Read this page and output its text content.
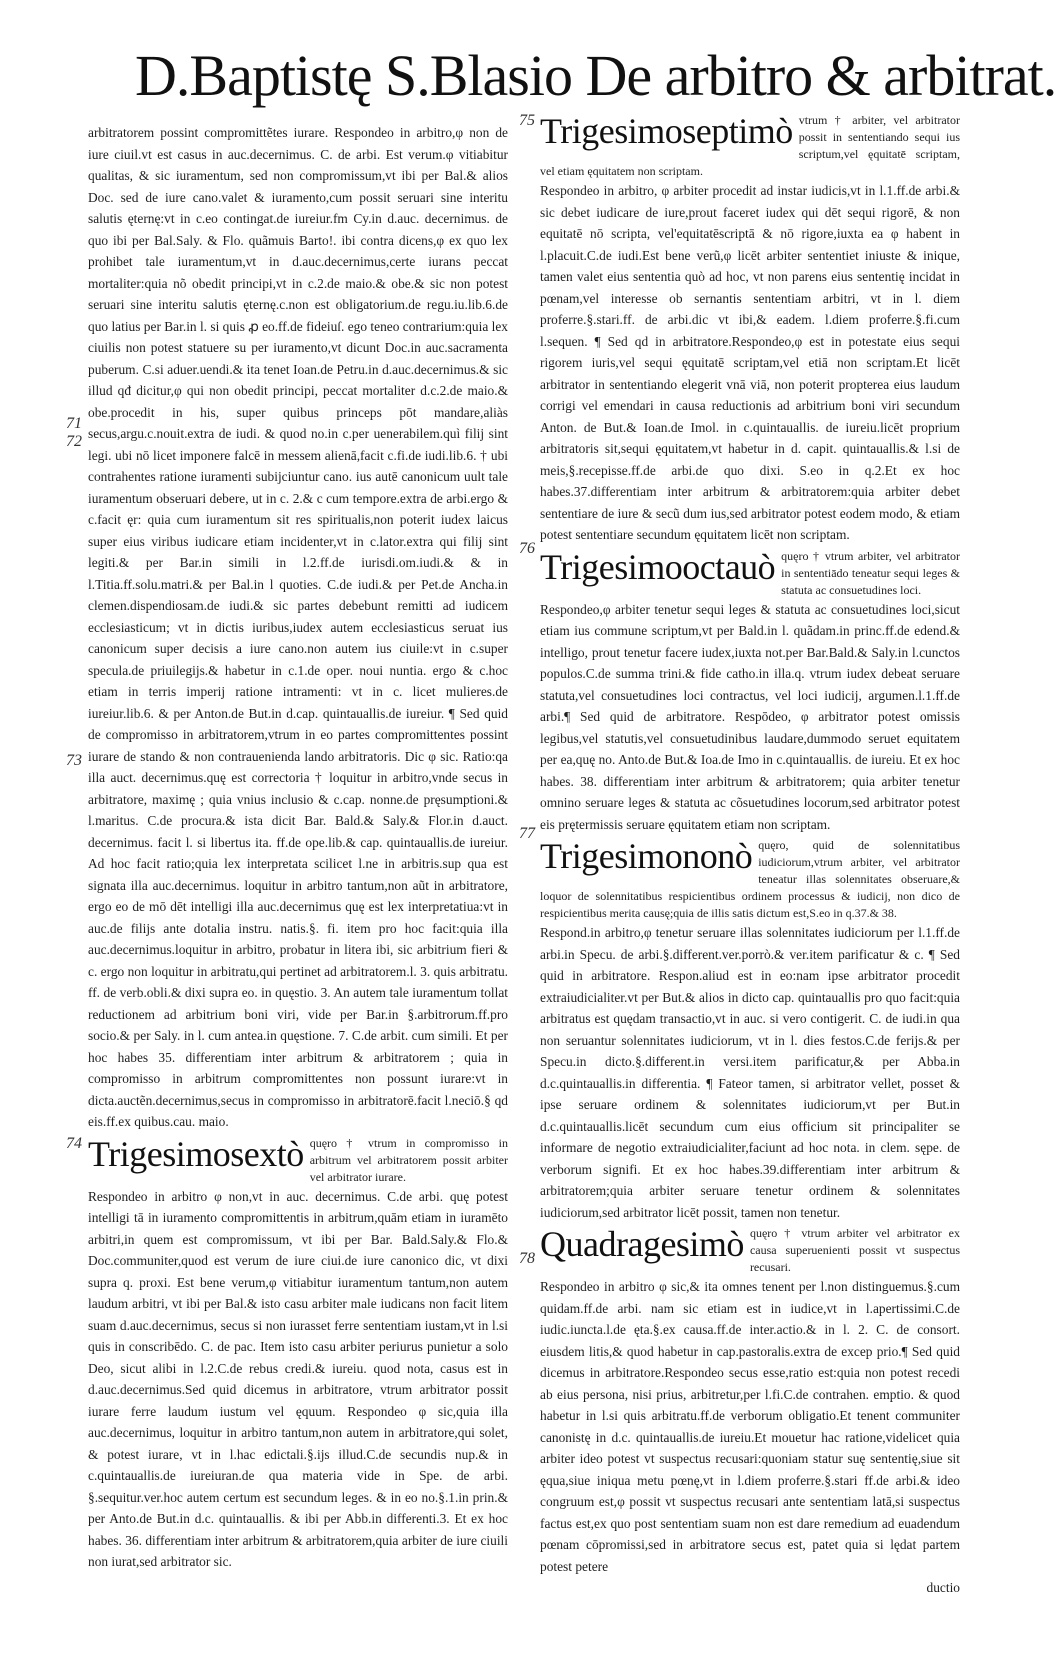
D.Baptistę S.Blasio De arbitro & arbitrat.
71
72
73
74
75
76
77
78

arbitratorem possint compromittẽtes iurare. Respondeo in arbitro,φ non de iure ciuil.vt est casus in auc.decernimus. C. de arbi. Est verum.φ vitiabitur qualitas, & sic iuramentum, sed non compromissum,vt ibi per Bal.& alios Doc. sed de iure cano.valet & iuramento,cum possit seruari sine interitu salutis ęternę:vt in c.eo contingat.de iureiur.fm Cy.in d.auc. decernimus. de quo ibi per Bal.Saly. & Flo. quãmuis Barto!. ibi contra dicens,φ ex quo lex prohibet tale iuramentum,vt in d.auc.decernimus,certe iurans peccat mortaliter:quia nõ obedit principi,vt in c.2.de maio.& obe.& sic non potest seruari sine interitu salutis ęternę.c.non est obligatorium.de regu.iu.lib.6.de quo latius per Bar.in l. si quis ꝓ eo.ff.de fideiuſ. ego teneo contrarium:quia lex ciuilis non potest statuere su per iuramento,vt dicunt Doc.in auc.sacramenta puberum. C.si aduer.uendi.& ita tenet Ioan.de Petru.in d.auc.decernimus.& sic illud qđ dicitur,φ qui non obedit principi, peccat mortaliter d.c.2.de maio.& obe.procedit in his, super quibus princeps pōt mandare,aliàs secus,argu.c.nouit.extra de iudi. & quod no.in c.per uenerabilem.quì filij sint legi. ubi nō licet imponere falcē in messem alienā,facit c.fi.de iudi.lib.6. † ubi contrahentes ratione iuramenti subijciuntur cano. ius autē canonicum uult tale iuramentum obseruari debere, ut in c. 2.& c cum tempore.extra de arbi.ergo & c.facit ęr: quia cum iuramentum sit res spiritualis,non poterit iudex laicus super eius viribus iudicare etiam incidenter,vt in c.lator.extra qui filij sint legiti.& per Bar.in simili in l.2.ff.de iurisdi.om.iudi.& & in l.Titia.ff.solu.matri.& per Bal.in l quoties. C.de iudi.& per Pet.de Ancha.in clemen.dispendiosam.de iudi.& sic partes debebunt remitti ad iudicem ecclesiasticum; vt in dictis iuribus,iudex autem ecclesiasticus seruat ius canonicum super decisis a iure cano.non autem ius ciuile:vt in c.super specula.de priuilegijs.& habetur in c.1.de oper. noui nuntia. ergo & c.hoc etiam in terris imperij ratione intramenti: vt in c. licet mulieres.de iureiur.lib.6. & per Anton.de But.in d.cap. quintauallis.de iureiur. ¶ Sed quid de compromisso in arbitratorem,vtrum in eo partes compromittentes possint iurare de stando & non contrauenienda lando arbitratoris. Dic φ sic. Ratio:qa illa auct. decernimus.quę est correctoria † loquitur in arbitro,vnde secus in arbitratore, maximę ; quia vnius inclusio & c.cap. nonne.de pręsumptioni.& l.maritus. C.de procura.& ista dicit Bar. Bald.& Saly.& Flor.in d.auct. decernimus. facit l. si libertus ita. ff.de ope.lib.& cap. quintauallis.de iureiur. Ad hoc facit ratio;quia lex interpretata scilicet l.ne in arbitris.sup qua est signata illa auc.decernimus. loquitur in arbitro tantum,non aũt in arbitratore, ergo eo de mō dēt intelligi illa auc.decernimus quę est lex interpretatiua:vt in auc.de filijs ante dotalia instru. natis.§. fi. item pro hoc facit:quia illa auc.decernimus.loquitur in arbitro, probatur in litera ibi, sic arbitrium fieri & c. ergo non loquitur in arbitratu,qui pertinet ad arbitratorem.l. 3. quis arbitratu. ff. de verb.obli.& dixi supra eo. in quęstio. 3. An autem tale iuramentum tollat reductionem ad arbitrium boni viri, vide per Bar.in §.arbitrorum.ff.pro socio.& per Saly. in l. cum antea.in quęstione. 7. C.de arbit. cum simili. Et per hoc habes 35. differentiam inter arbitrum & arbitratorem ; quia in compromisso in arbitrum compromittentes non possunt iurare:vt in dicta.auctẽn.decernimus,secus in compromisso in arbitratorē.facit l.neciō.§ qd eis.ff.ex quibus.cau. maio.

Trigesimosextò quęro † vtrum in compromisso in arbitrum vel arbitratorem possit arbiter vel arbitrator iurare.

Respondeo in arbitro φ non,vt in auc. decernimus. C.de arbi. quę potest intelligi tā in iuramento compromittentis in arbitrum,quām etiam in iuramēto arbitri,in quem est compromissum, vt ibi per Bar. Bald.Saly.& Flo.& Doc.communiter,quod est verum de iure ciui.de iure canonico dic, vt dixi supra q. proxi. Est bene verum,φ vitiabitur iuramentum tantum,non autem laudum arbitri, vt ibi per Bal.& isto casu arbiter male iudicans non facit litem suam d.auc.decernimus, secus si non iurasset ferre sententiam iustam,vt in l.si quis in conscribēdo. C. de pac. Item isto casu arbiter periurus punietur a solo Deo, sicut alibi in l.2.C.de rebus credi.& iureiu. quod nota, casus est in d.auc.decernimus.Sed quid dicemus in arbitratore, vtrum arbitrator possit iurare ferre laudum iustum vel ęquum. Respondeo φ sic,quia illa auc.decernimus, loquitur in arbitro tantum,non autem in arbitratore,qui solet, & potest iurare, vt in l.hac edictali.§.ijs illud.C.de secundis nup.& in c.quintauallis.de iureiuran.de qua materia vide in Spe. de arbi. §.sequitur.ver.hoc autem certum est secundum leges. & in eo no.§.1.in prin.& per Anto.de But.in d.c. quintauallis. & ibi per Abb.in differenti.3. Et ex hoc habes. 36. differentiam inter arbitrum & arbitratorem,quia arbiter de iure ciuili non iurat,sed arbitrator sic.

Trigesimoseptimò vtrum † arbiter, vel arbitrator possit in sententiando sequi ius scriptum,vel ęquitatē scriptam, vel etiam ęquitatem non scriptam.

Respondeo in arbitro, φ arbiter procedit ad instar iudicis,vt in l.1.ff.de arbi.& sic debet iudicare de iure,prout faceret iudex qui dēt sequi rigorē, & non equitatē nō scripta, vel'equitatēscriptā & nō rigore,iuxta ea φ habent in l.placuit.C.de iudi.Est bene verũ,φ licēt arbiter sententiet iniuste & inique, tamen valet eius sententia quò ad hoc, vt non parens eius sententię incidat in pœnam,vel interesse ob sernantis sententiam arbitri, vt in l. diem proferre.§.stari.ff. de arbi.dic vt ibi,& eadem. l.diem proferre.§.fi.cum l.sequen. ¶ Sed qd in arbitratore.Respondeo,φ est in potestate eius sequi rigorem iuris,vel sequi ęquitatē scriptam,vel etiā non scriptam.Et licēt arbitrator in sententiando elegerit vnā viā, non poterit propterea eius laudum corrigi vel emendari in causa reductionis ad arbitrium boni viri secundum Anton. de But.& Ioan.de Imol. in c.quintauallis. de iureiu.licēt proprium arbitratoris sit,sequi ęquitatem,vt habetur in d. capit. quintauallis.& l.si de meis,§.recepisse.ff.de arbi.de quo dixi. S.eo in q.2.Et ex hoc habes.37.differentiam inter arbitrum & arbitratorem:quia arbiter debet sententiare de iure & secũ dum ius,sed arbitrator potest eodem modo, & etiam potest sententiare secundum ęquitatem licēt non scriptam.

Trigesimooctauò quęro † vtrum arbiter, vel arbitrator in sententiādo teneatur sequi leges & statuta ac consuetudines loci.

Respondeo,φ arbiter tenetur sequi leges & statuta ac consuetudines loci,sicut etiam ius commune scriptum,vt per Bald.in l. quãdam.in princ.ff.de edend.& intelligo, prout tenetur facere iudex,iuxta not.per Bar.Bald.& Saly.in l.cunctos populos.C.de summa trini.& fide catho.in illa.q. vtrum iudex debeat seruare statuta,vel consuetudines loci contractus, vel loci iudicij, argumen.l.1.ff.de arbi.¶ Sed quid de arbitratore. Respōdeo, φ arbitrator potest omissis legibus,vel statutis,vel consuetudinibus laudare,dummodo seruet equitatem per ea,quę no. Anto.de But.& Ioa.de Imo in c.quintauallis. de iureiu. Et ex hoc habes. 38. differentiam inter arbitrum & arbitratorem; quia arbiter tenetur omnino seruare leges & statuta ac cõsuetudines locorum,sed arbitrator potest eis prętermissis seruare ęquitatem etiam non scriptam.

Trigesimononò quęro, quid de solennitatibus iudiciorum,vtrum arbiter, vel arbitrator teneatur illas solennitates obseruare,& loquor de solennitatibus respicientibus ordinem processus & iudicij, non dico de respicientibus merita causę;quia de illis satis dictum est,S.eo in q.37.& 38.

Respond.in arbitro,φ tenetur seruare illas solennitates iudiciorum per l.1.ff.de arbi.in Specu. de arbi.§.different.ver.porrò.& ver.item parificatur & c. ¶ Sed quid in arbitratore. Respon.aliud est in eo:nam ipse arbitrator procedit extraiudicialiter.vt per But.& alios in dicto cap. quintauallis pro quo facit:quia arbitratus est quędam transactio,vt in auc. si vero contigerit. C. de iudi.in qua non seruantur solennitates iudiciorum, vt in l. dies festos.C.de ferijs.& per Specu.in dicto.§.different.in versi.item parificatur,& per Abba.in d.c.quintauallis.in differentia. ¶ Fateor tamen, si arbitrator vellet, posset & ipse seruare ordinem & solennitates iudiciorum,vt per But.in d.c.quintauallis.licēt secundum cum eius officium sit principaliter se informare de negotio extraiudicialiter,faciunt ad hoc nota. in clem. sępe. de verborum signifi. Et ex hoc habes.39.differentiam inter arbitrum & arbitratorem;quia arbiter seruare tenetur ordinem & solennitates iudiciorum,sed arbitrator licēt possit, tamen non tenetur.

Quadragesimò quęro † vtrum arbiter vel arbitrator ex causa superuenienti possit vt suspectus recusari.

Respondeo in arbitro φ sic,& ita omnes tenent per l.non distinguemus.§.cum quidam.ff.de arbi. nam sic etiam est in iudice,vt in l.apertissimi.C.de iudic.iuncta.l.de ęta.§.ex causa.ff.de inter.actio.& in l. 2. C. de consort. eiusdem litis,& quod habetur in cap.pastoralis.extra de excep prio.¶ Sed quid dicemus in arbitratore.Respondeo secus esse,ratio est:quia non potest recedi ab eius persona, nisi prius, arbitretur,per l.fi.C.de contrahen. emptio. & quod habetur in l.si quis arbitratu.ff.de verborum obligatio.Et tenent communiter canonistę in d.c. quintauallis.de iureiu.Et mouetur hac ratione,videlicet quia arbiter ideo potest vt suspectus recusari:quoniam statur suę sententię,siue sit ęqua,siue iniqua metu pœnę,vt in l.diem proferre.§.stari ff.de arbi.& ideo congruum est,φ possit vt suspectus recusari ante sententiam latā,si suspectus factus est,ex quo post sententiam suam non est dare remedium ad euadendum pœnam cōpromissi,sed in arbitratore secus est, patet quia si lędat partem potest petere

ductio
